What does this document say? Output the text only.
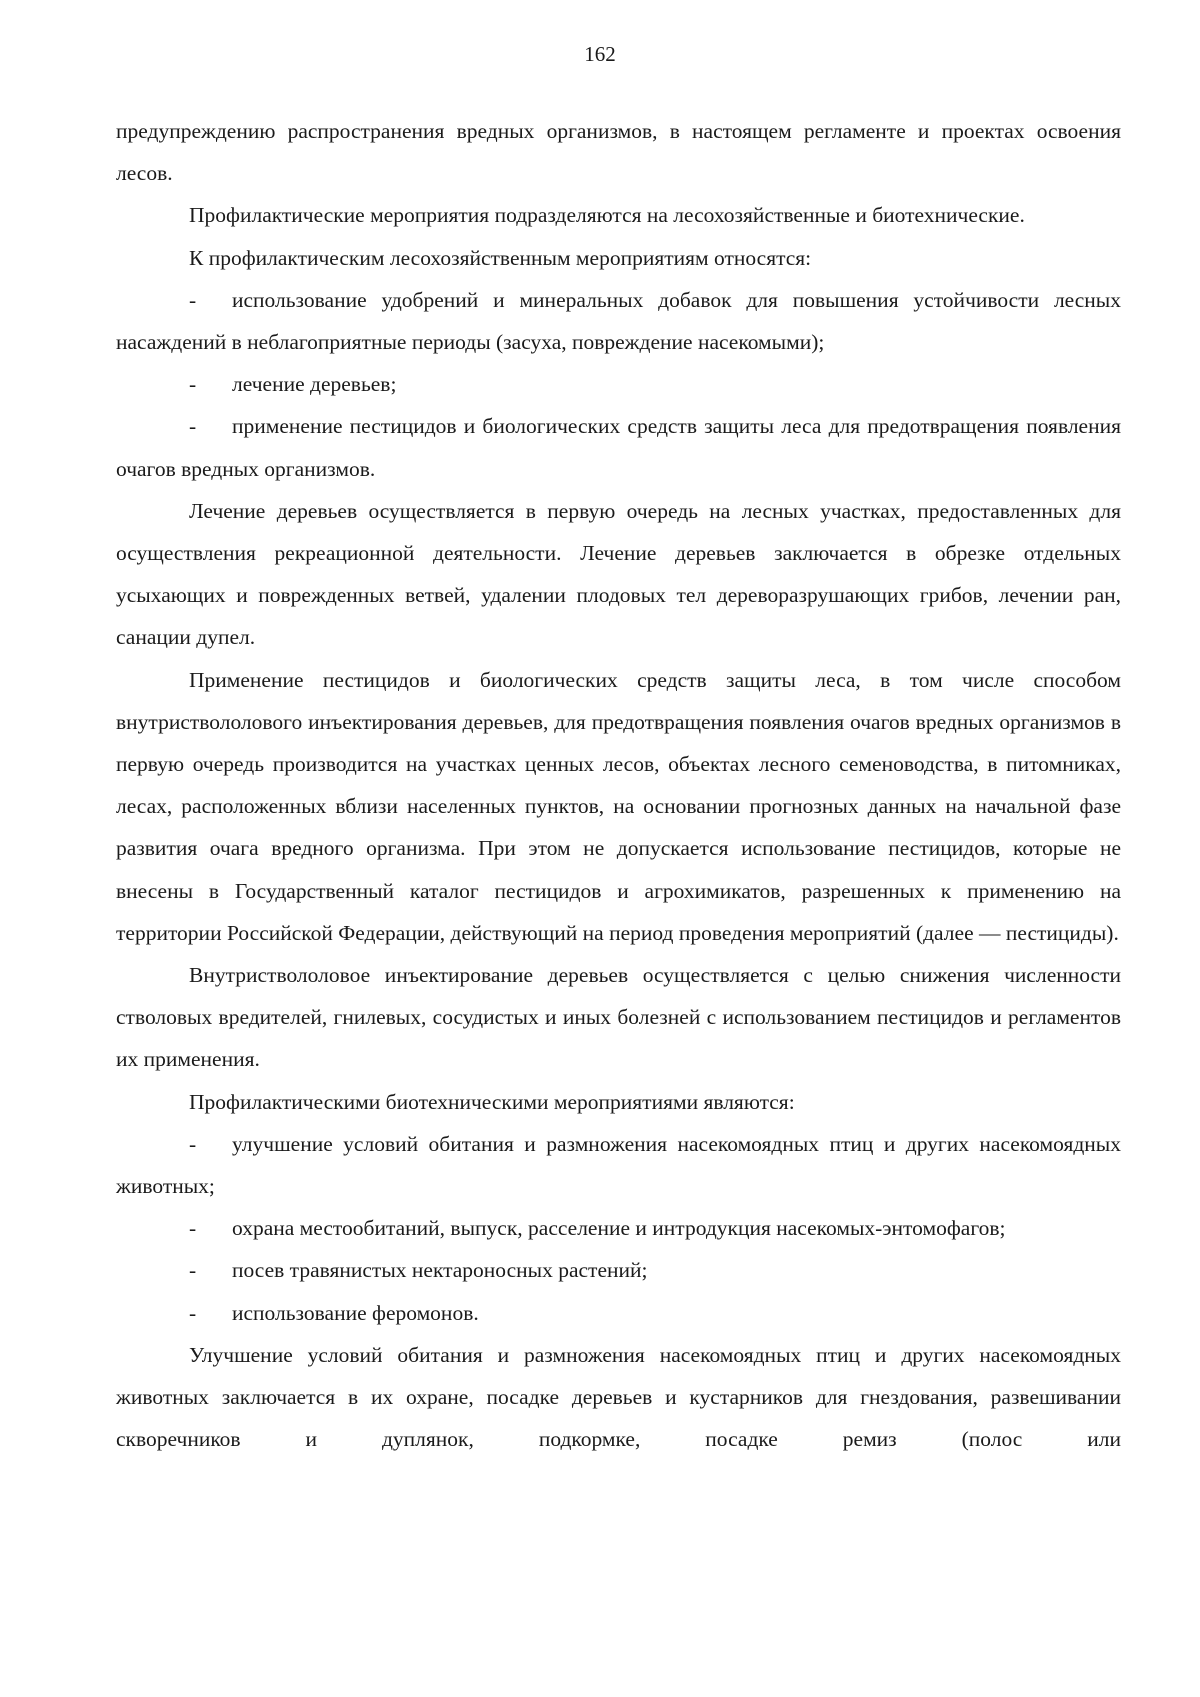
162

предупреждению распространения вредных организмов, в настоящем регламенте и проектах освоения лесов.

Профилактические мероприятия подразделяются на лесохозяйственные и биотехнические.

К профилактическим лесохозяйственным мероприятиям относятся:

- использование удобрений и минеральных добавок для повышения устойчивости лесных насаждений в неблагоприятные периоды (засуха, повреждение насекомыми);

- лечение деревьев;

- применение пестицидов и биологических средств защиты леса для предотвращения появления очагов вредных организмов.

Лечение деревьев осуществляется в первую очередь на лесных участках, предоставленных для осуществления рекреационной деятельности. Лечение деревьев заключается в обрезке отдельных усыхающих и поврежденных ветвей, удалении плодовых тел дереворазрушающих грибов, лечении ран, санации дупел.

Применение пестицидов и биологических средств защиты леса, в том числе способом внутриствололового инъектирования деревьев, для предотвращения появления очагов вредных организмов в первую очередь производится на участках ценных лесов, объектах лесного семеноводства, в питомниках, лесах, расположенных вблизи населенных пунктов, на основании прогнозных данных на начальной фазе развития очага вредного организма. При этом не допускается использование пестицидов, которые не внесены в Государственный каталог пестицидов и агрохимикатов, разрешенных к применению на территории Российской Федерации, действующий на период проведения мероприятий (далее — пестициды).

Внутриствололовое инъектирование деревьев осуществляется с целью снижения численности стволовых вредителей, гнилевых, сосудистых и иных болезней с использованием пестицидов и регламентов их применения.

Профилактическими биотехническими мероприятиями являются:

- улучшение условий обитания и размножения насекомоядных птиц и других насекомоядных животных;

- охрана местообитаний, выпуск, расселение и интродукция насекомых-энтомофагов;

- посев травянистых нектароносных растений;

- использование феромонов.

Улучшение условий обитания и размножения насекомоядных птиц и других насекомоядных животных заключается в их охране, посадке деревьев и кустарников для гнездования, развешивании скворечников и дуплянок, подкормке, посадке ремиз (полос или
